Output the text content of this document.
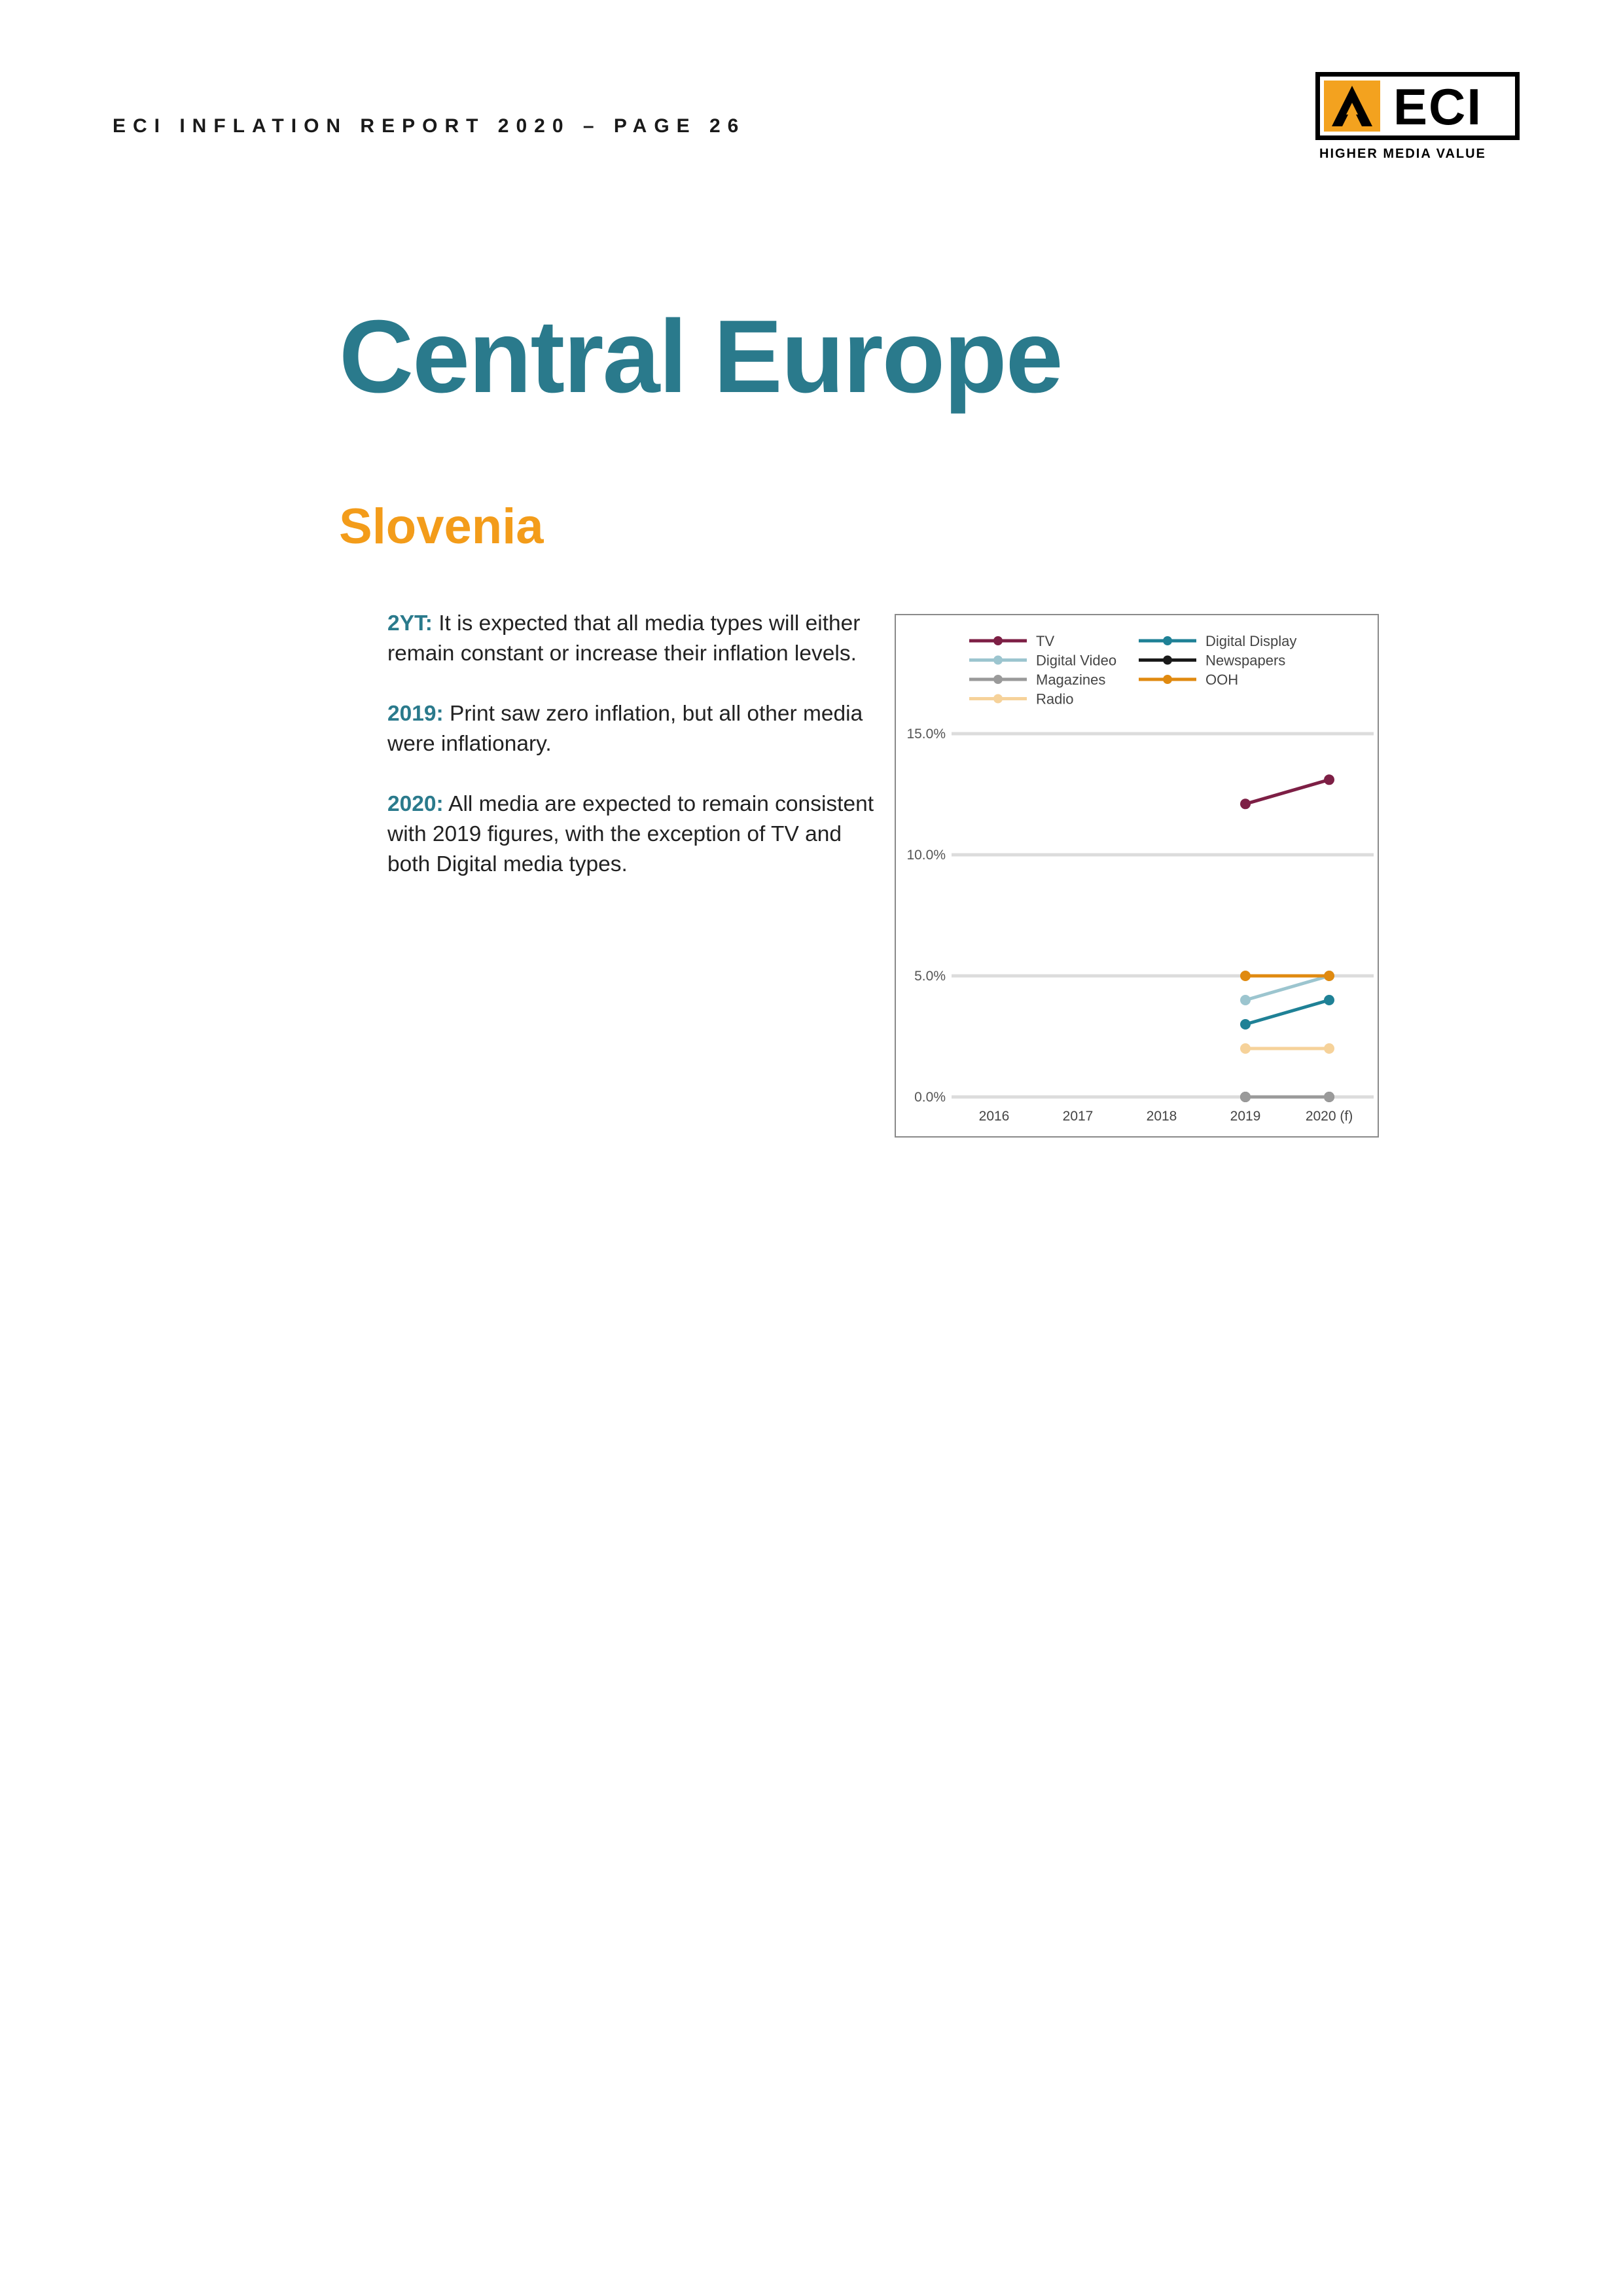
ECI INFLATION REPORT 2020 – PAGE 26	ECI
HIGHER MEDIA VALUE
Central Europe
Slovenia

2YT: It is expected that all media types will either remain constant or increase their inflation levels.

2019: Print saw zero inflation, but all other media were inflationary.

2020: All media are expected to remain consistent with 2019 figures, with the exception of TV and both Digital media types.

0.0%
5.0%
10.0%
15.0%
2016	2017	2018	2019	2020 (f)
TV
Digital Video
Magazines
Radio
Digital Display
Newspapers
OOH
